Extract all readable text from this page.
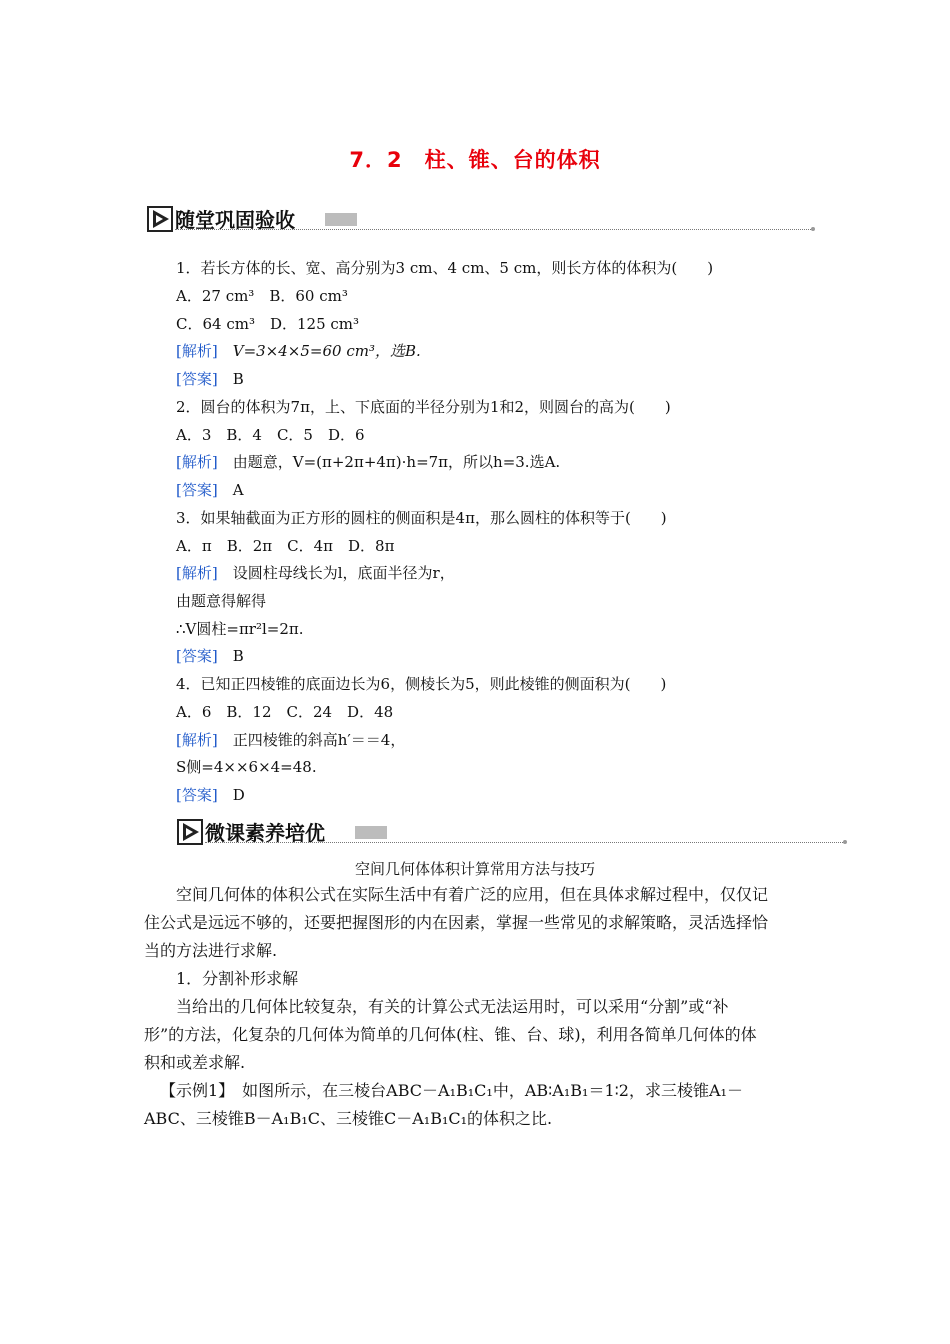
7．2　柱、锥、台的体积
随堂巩固验收
1．若长方体的长、宽、高分别为3 cm、4 cm、5 cm，则长方体的体积为(　　)
A．27 cm³　B．60 cm³
C．64 cm³　D．125 cm³
[解析]　 V=3×4×5=60 cm³，选B.
[答案]　 B
2．圆台的体积为7π，上、下底面的半径分别为1和2，则圆台的高为(　　)
A．3　B．4　C．5　D．6
[解析]　 由题意，V=(π+2π+4π)·h=7π，所以h=3.选A.
[答案]　 A
3．如果轴截面为正方形的圆柱的侧面积是4π，那么圆柱的体积等于(　　)
A．π　B．2π　C．4π　D．8π
[解析]　 设圆柱母线长为l，底面半径为r，
由题意得解得
∴V圆柱=πr²l=2π.
[答案]　 B
4．已知正四棱锥的底面边长为6，侧棱长为5，则此棱锥的侧面积为(　　)
A．6　B．12　C．24　D．48
[解析]　 正四棱锥的斜高h′＝＝4，
S侧=4××6×4=48.
[答案]　 D
微课素养培优
空间几何体体积计算常用方法与技巧
空间几何体的体积公式在实际生活中有着广泛的应用，但在具体求解过程中，仅仅记
住公式是远远不够的，还要把握图形的内在因素，掌握一些常见的求解策略，灵活选择恰
当的方法进行求解.
1．分割补形求解
当给出的几何体比较复杂，有关的计算公式无法运用时，可以采用“分割”或“补
形”的方法，化复杂的几何体为简单的几何体(柱、锥、台、球)，利用各简单几何体的体
积和或差求解.
【示例1】　如图所示，在三棱台ABC－A₁B₁C₁中，AB∶A₁B₁＝1∶2，求三棱锥A₁－
ABC、三棱锥B－A₁B₁C、三棱锥C－A₁B₁C₁的体积之比.
